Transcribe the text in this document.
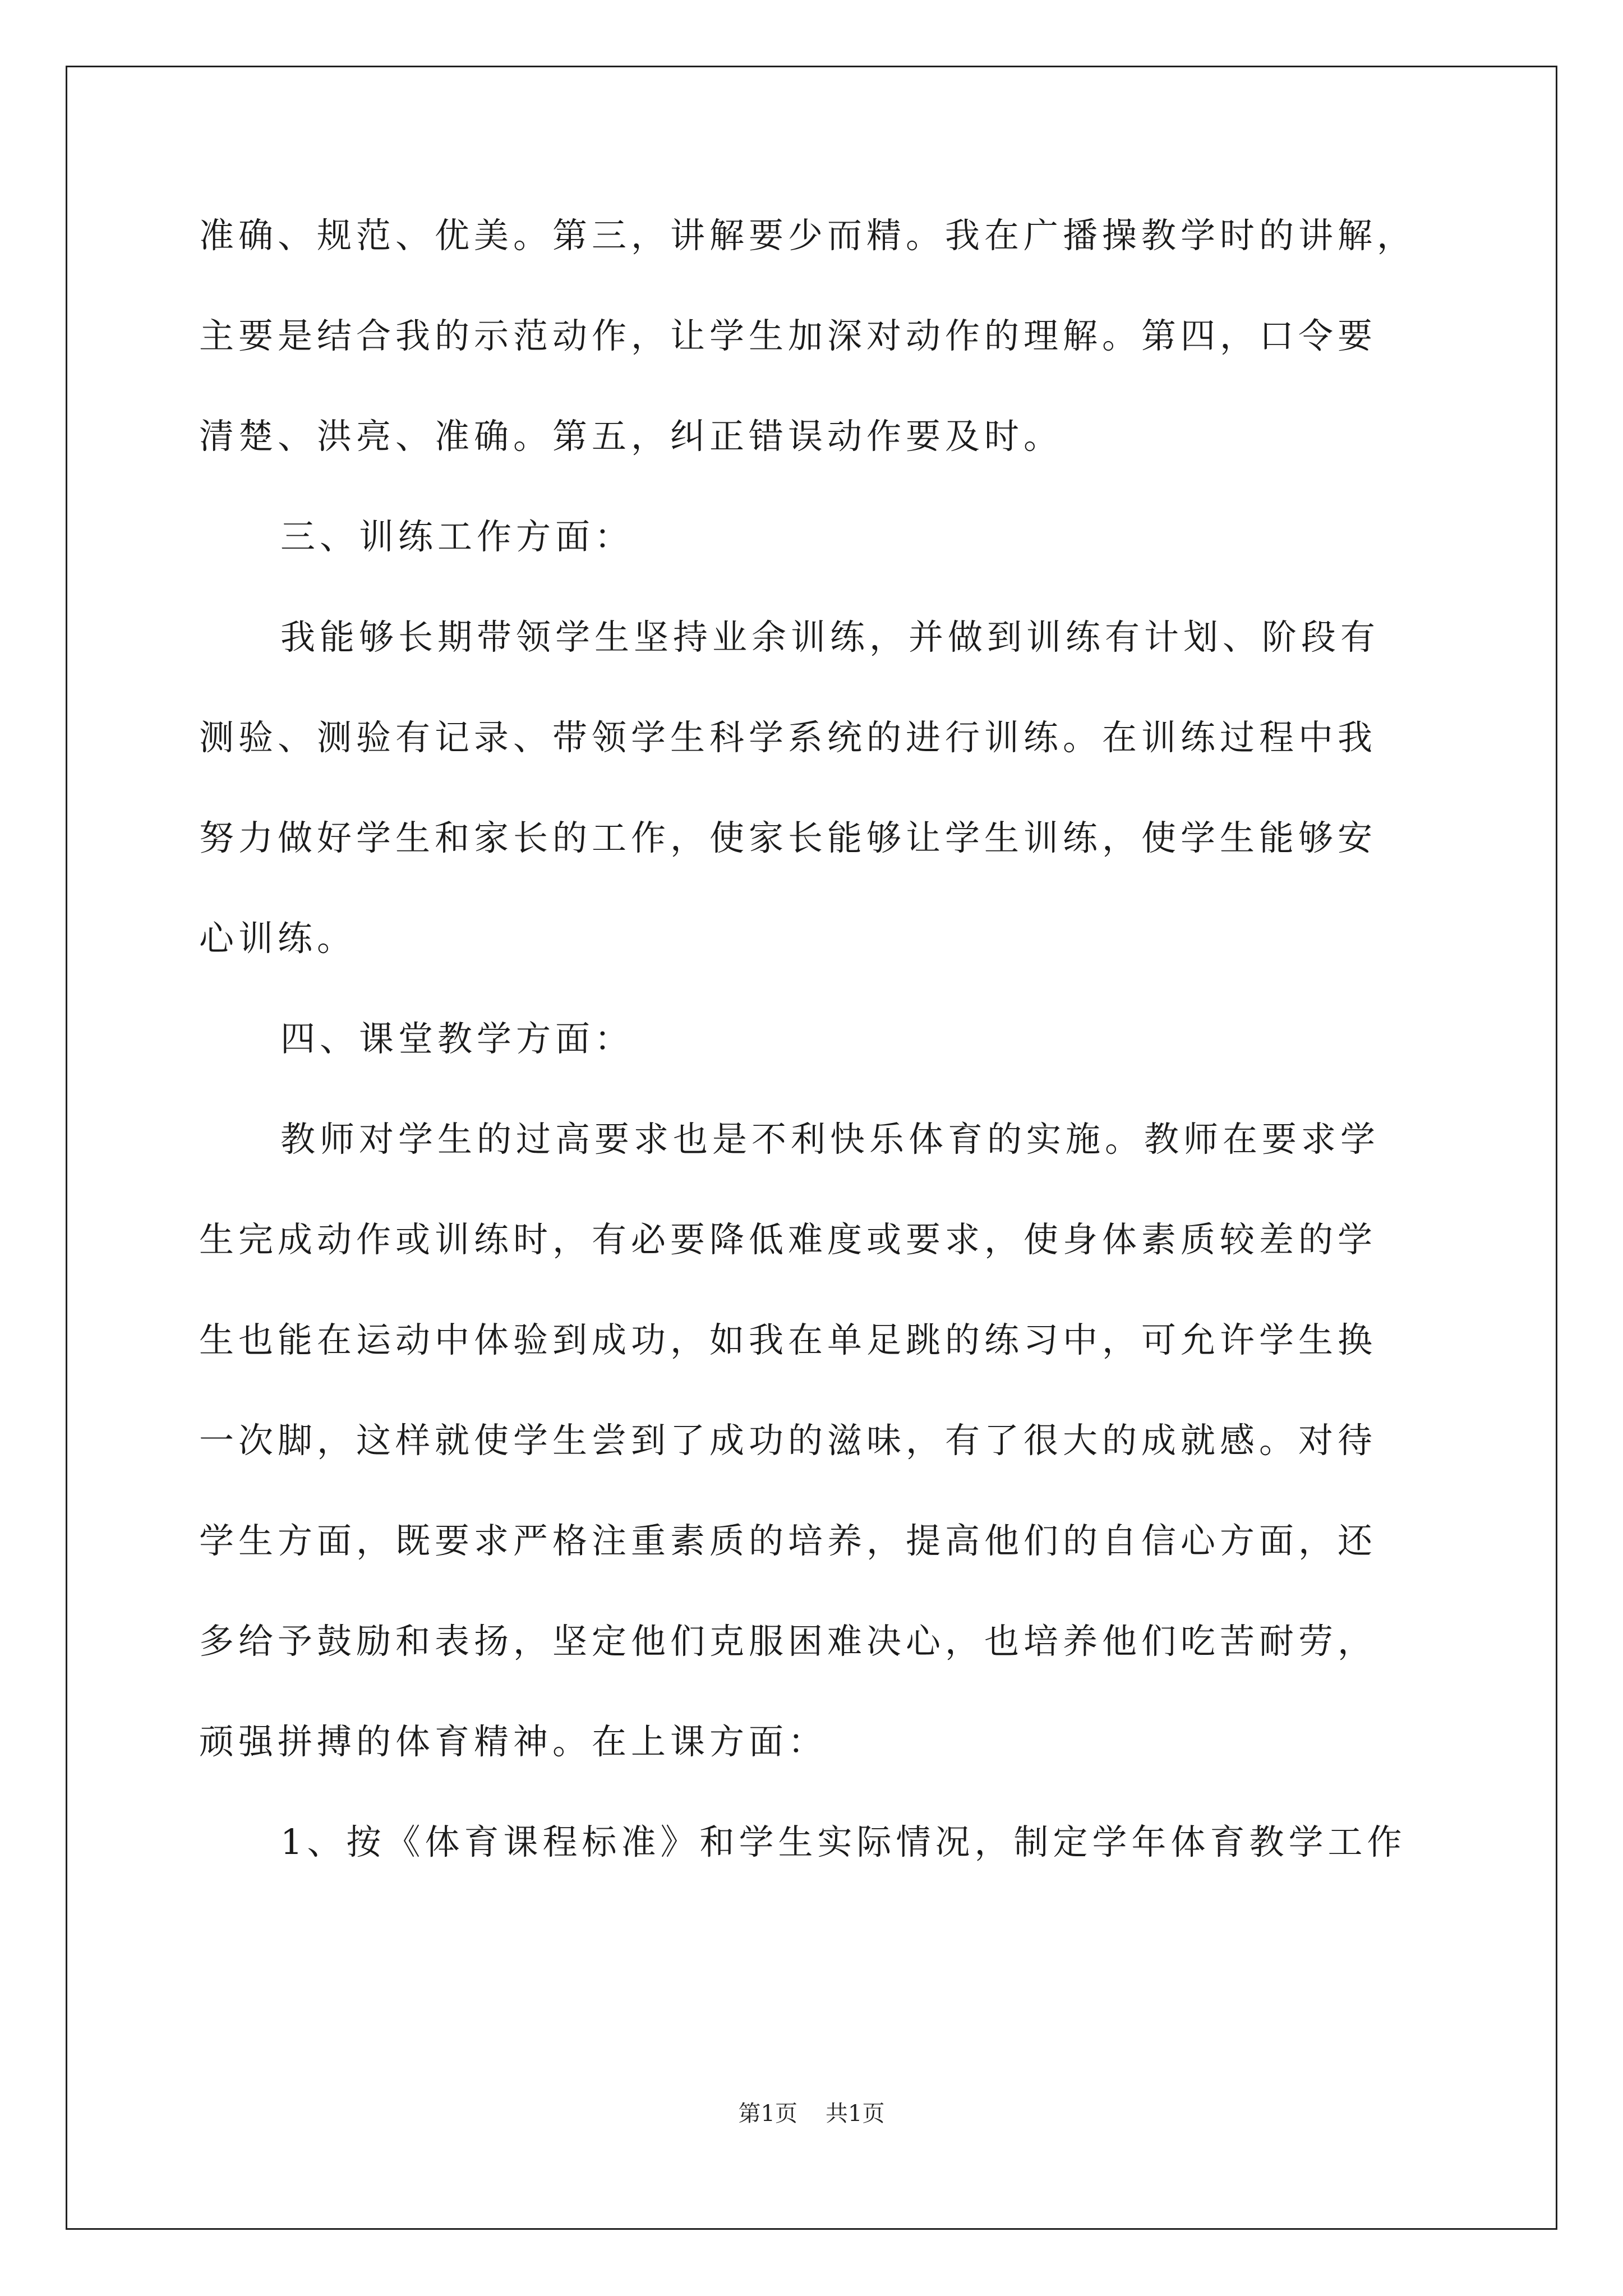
准确、规范、优美。第三，讲解要少而精。我在广播操教学时的讲解，
主要是结合我的示范动作，让学生加深对动作的理解。第四，口令要
清楚、洪亮、准确。第五，纠正错误动作要及时。
三、训练工作方面：
我能够长期带领学生坚持业余训练，并做到训练有计划、阶段有
测验、测验有记录、带领学生科学系统的进行训练。在训练过程中我
努力做好学生和家长的工作，使家长能够让学生训练，使学生能够安
心训练。
四、课堂教学方面：
教师对学生的过高要求也是不利快乐体育的实施。教师在要求学
生完成动作或训练时，有必要降低难度或要求，使身体素质较差的学
生也能在运动中体验到成功，如我在单足跳的练习中，可允许学生换
一次脚，这样就使学生尝到了成功的滋味，有了很大的成就感。对待
学生方面，既要求严格注重素质的培养，提高他们的自信心方面，还
多给予鼓励和表扬，坚定他们克服困难决心，也培养他们吃苦耐劳，
顽强拼搏的体育精神。在上课方面：
1、按《体育课程标准》和学生实际情况，制定学年体育教学工作
第1页 共1页
